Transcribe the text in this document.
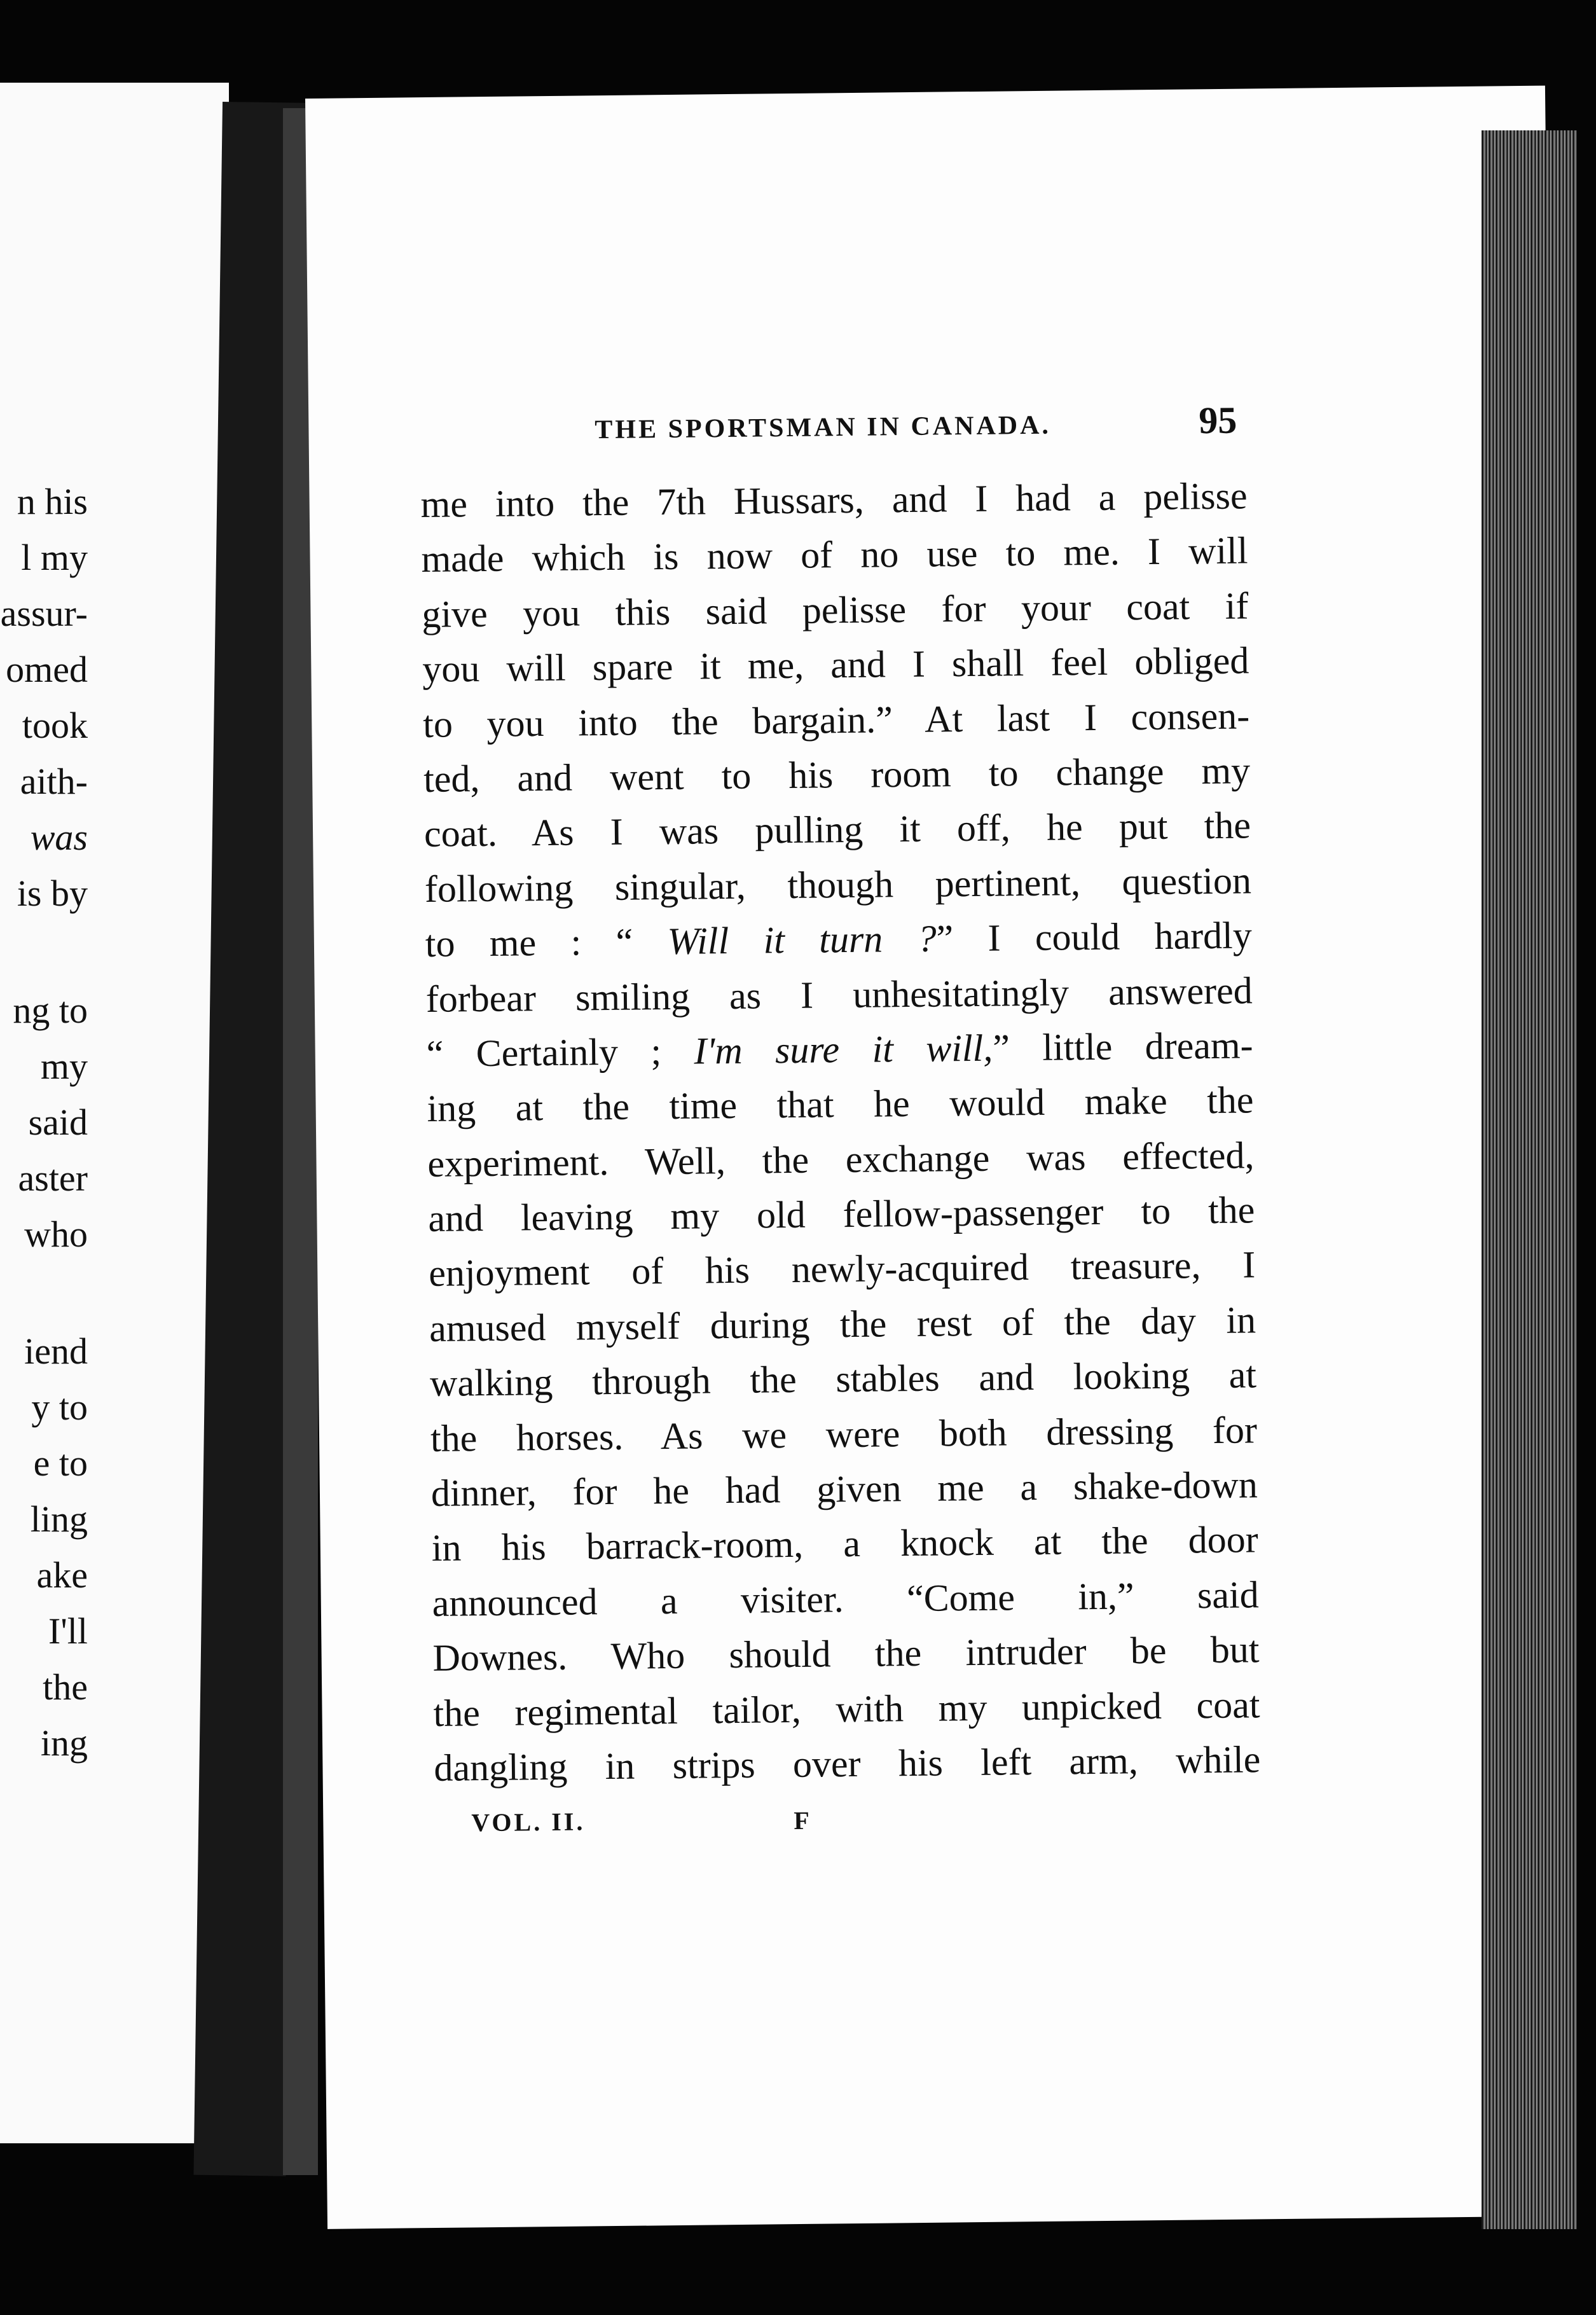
n his
l my
assur-
omed
took
aith-
was
is by
ng to
my
said
aster
who
iend
y to
e to
ling
ake
I'll
the
ing
THE SPORTSMAN IN CANADA.	95
me into the 7th Hussars, and I had a pelisse
made which is now of no use to me. I will
give you this said pelisse for your coat if
you will spare it me, and I shall feel obliged
to you into the bargain.” At last I consen-
ted, and went to his room to change my
coat. As I was pulling it off, he put the
following singular, though pertinent, question
to me : “ Will it turn ?” I could hardly
forbear smiling as I unhesitatingly answered
“ Certainly ; I'm sure it will,” little dream-
ing at the time that he would make the
experiment. Well, the exchange was effected,
and leaving my old fellow-passenger to the
enjoyment of his newly-acquired treasure, I
amused myself during the rest of the day in
walking through the stables and looking at
the horses. As we were both dressing for
dinner, for he had given me a shake-down
in his barrack-room, a knock at the door
announced a visiter. “Come in,” said
Downes. Who should the intruder be but
the regimental tailor, with my unpicked coat
dangling in strips over his left arm, while
VOL. II.	F
